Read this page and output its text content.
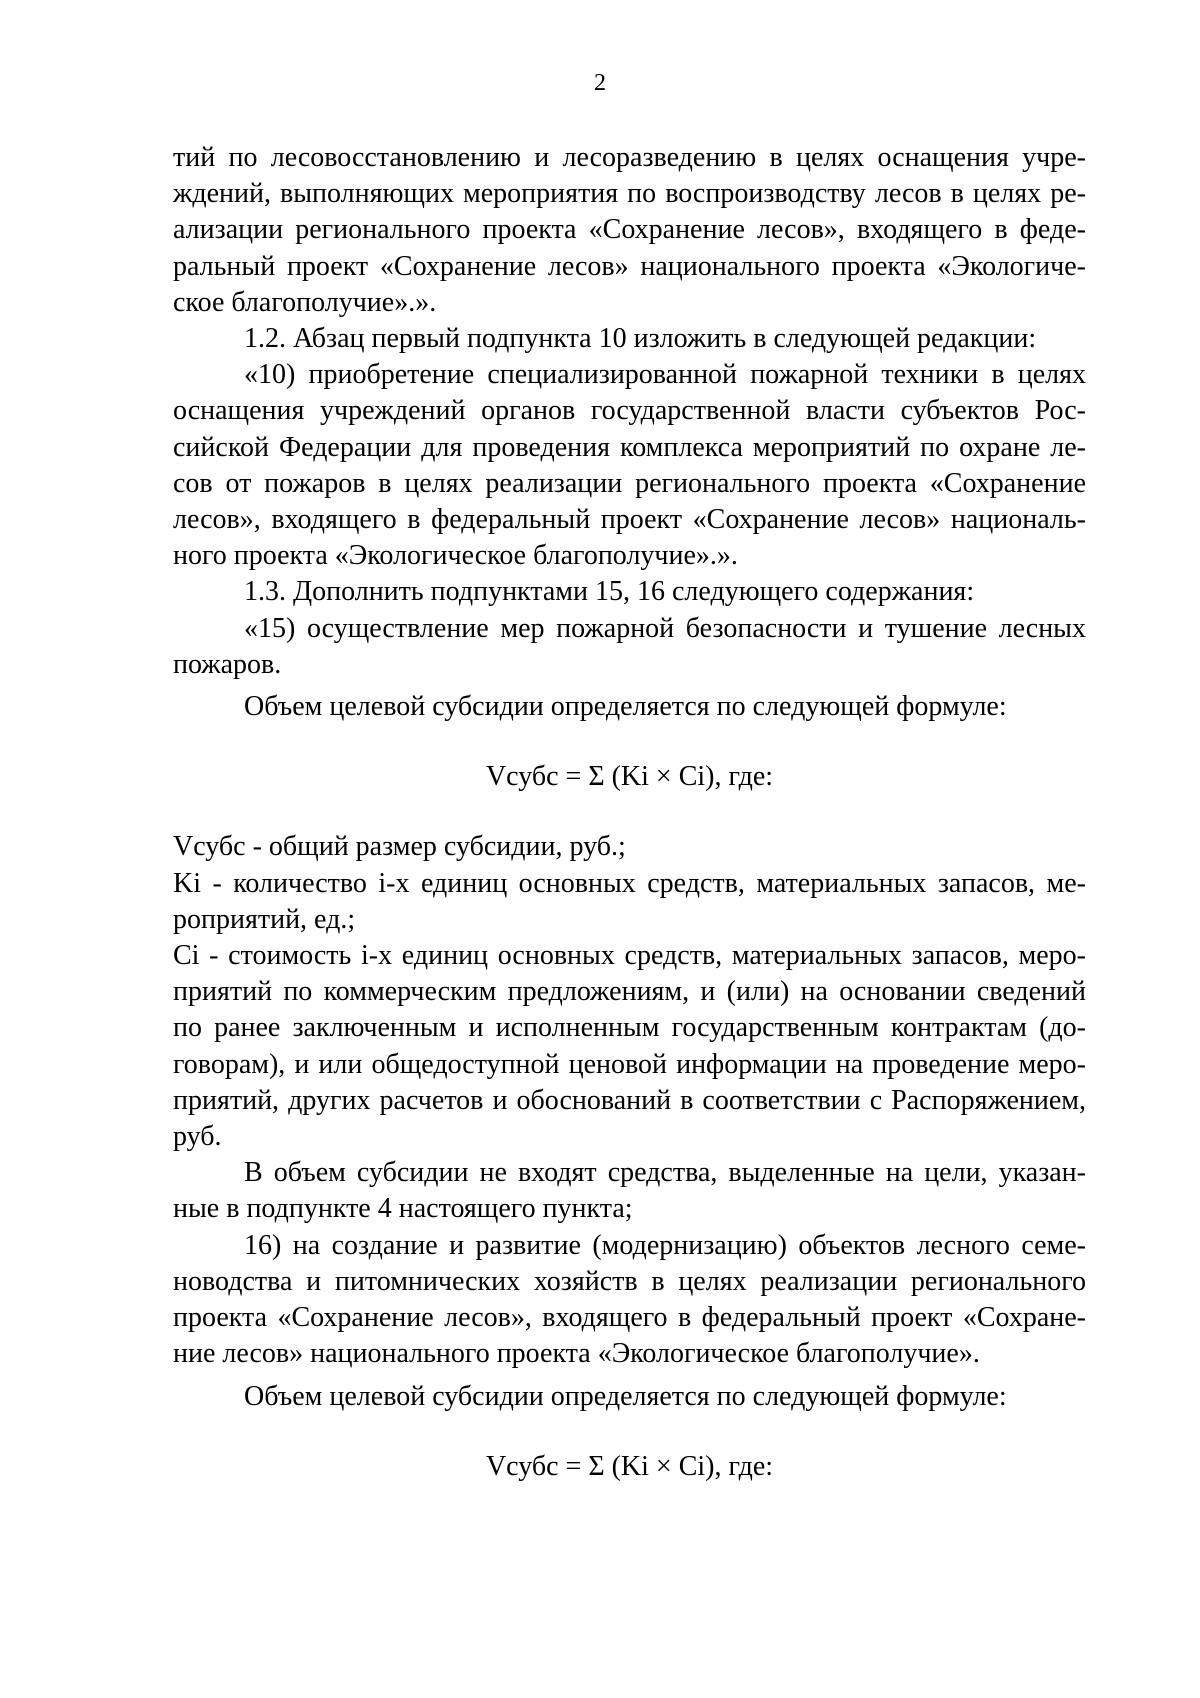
2

тий по лесовосстановлению и лесоразведению в целях оснащения учреждений, выполняющих мероприятия по воспроизводству лесов в целях реализации регионального проекта «Сохранение лесов», входящего в федеральный проект «Сохранение лесов» национального проекта «Экологическое благополучие».».

1.2. Абзац первый подпункта 10 изложить в следующей редакции:

«10) приобретение специализированной пожарной техники в целях оснащения учреждений органов государственной власти субъектов Российской Федерации для проведения комплекса мероприятий по охране лесов от пожаров в целях реализации регионального проекта «Сохранение лесов», входящего в федеральный проект «Сохранение лесов» национального проекта «Экологическое благополучие».».

1.3. Дополнить подпунктами 15, 16 следующего содержания:

«15) осуществление мер пожарной безопасности и тушение лесных пожаров.

Объем целевой субсидии определяется по следующей формуле:

Vсубс = Σ (Ki × Ci), где:

Vсубс - общий размер субсидии, руб.;

Ki - количество i-х единиц основных средств, материальных запасов, мероприятий, ед.;

Ci - стоимость i-х единиц основных средств, материальных запасов, мероприятий по коммерческим предложениям, и (или) на основании сведений по ранее заключенным и исполненным государственным контрактам (договорам), и или общедоступной ценовой информации на проведение мероприятий, других расчетов и обоснований в соответствии с Распоряжением, руб.

В объем субсидии не входят средства, выделенные на цели, указанные в подпункте 4 настоящего пункта;

16) на создание и развитие (модернизацию) объектов лесного семеноводства и питомнических хозяйств в целях реализации регионального проекта «Сохранение лесов», входящего в федеральный проект «Сохранение лесов» национального проекта «Экологическое благополучие».

Объем целевой субсидии определяется по следующей формуле:

Vсубс = Σ (Ki × Ci), где:
